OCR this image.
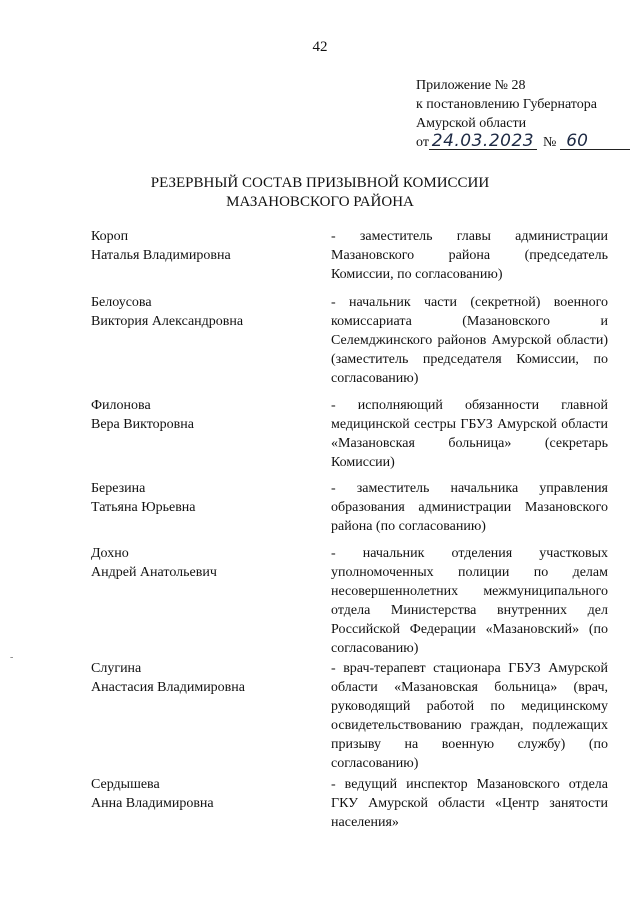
42
Приложение № 28
к постановлению Губернатора
Амурской области
от 24.03.2023 № 60
РЕЗЕРВНЫЙ СОСТАВ ПРИЗЫВНОЙ КОМИССИИ
МАЗАНОВСКОГО РАЙОНА
Короп
Наталья Владимировна
- заместитель главы администрации Мазановского района (председатель Комиссии, по согласованию)
Белоусова
Виктория Александровна
- начальник части (секретной) военного комиссариата (Мазановского и Селемджинского районов Амурской области) (заместитель председателя Комиссии, по согласованию)
Филонова
Вера Викторовна
- исполняющий обязанности главной медицинской сестры ГБУЗ Амурской области «Мазановская больница» (секретарь Комиссии)
Березина
Татьяна Юрьевна
- заместитель начальника управления образования администрации Мазановского района (по согласованию)
Дохно
Андрей Анатольевич
- начальник отделения участковых уполномоченных полиции по делам несовершеннолетних межмуниципального отдела Министерства внутренних дел Российской Федерации «Мазановский» (по согласованию)
Слугина
Анастасия Владимировна
- врач-терапевт стационара ГБУЗ Амурской области «Мазановская больница» (врач, руководящий работой по медицинскому освидетельствованию граждан, подлежащих призыву на военную службу) (по согласованию)
Сердышева
Анна Владимировна
- ведущий инспектор Мазановского отдела ГКУ Амурской области «Центр занятости населения»
-
